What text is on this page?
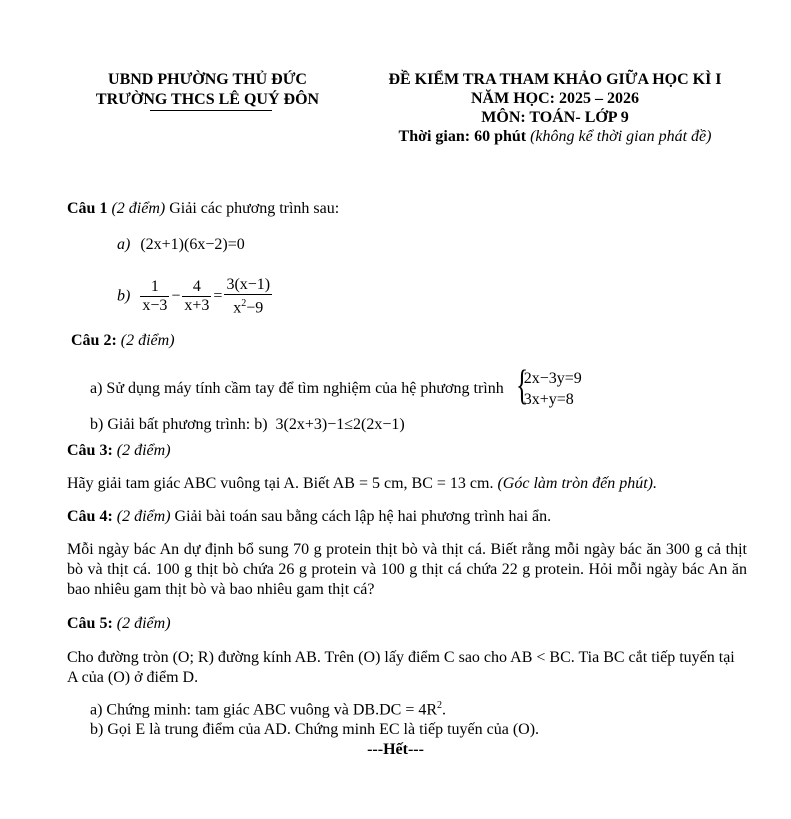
UBND PHƯỜNG THỦ ĐỨC
TRƯỜNG THCS LÊ QUÝ ĐÔN
ĐỀ KIỂM TRA THAM KHẢO GIỮA HỌC KÌ I
NĂM HỌC: 2025 – 2026
MÔN: TOÁN- LỚP 9
Thời gian: 60 phút (không kể thời gian phát đề)
Câu 1 (2 điểm) Giải các phương trình sau:
a) (2x+1)(6x−2)=0
$b) \frac{1}{x-3} - \frac{4}{x+3} = \frac{3(x-1)}{x^2-9}$
Câu 2: (2 điểm)
a) Sử dụng máy tính cầm tay để tìm nghiệm của hệ phương trình {
2x−3y=9
3x+y=8
b) Giải bất phương trình: b) 3(2x+3)−1≤2(2x−1)
Câu 3: (2 điểm)
Hãy giải tam giác ABC vuông tại A. Biết AB = 5 cm, BC = 13 cm. (Góc làm tròn đến phút).
Câu 4: (2 điểm) Giải bài toán sau bằng cách lập hệ hai phương trình hai ẩn.
Mỗi ngày bác An dự định bổ sung 70 g protein thịt bò và thịt cá. Biết rằng mỗi ngày bác ăn 300 g cả thịt bò và thịt cá. 100 g thịt bò chứa 26 g protein và 100 g thịt cá chứa 22 g protein. Hỏi mỗi ngày bác An ăn bao nhiêu gam thịt bò và bao nhiêu gam thịt cá?
Câu 5: (2 điểm)
Cho đường tròn (O; R) đường kính AB. Trên (O) lấy điểm C sao cho AB < BC. Tia BC cắt tiếp tuyến tại A của (O) ở điểm D.
a) Chứng minh: tam giác ABC vuông và $DB.DC = 4R^2$.
b) Gọi E là trung điểm của AD. Chứng minh EC là tiếp tuyến của (O).
---Hết---
